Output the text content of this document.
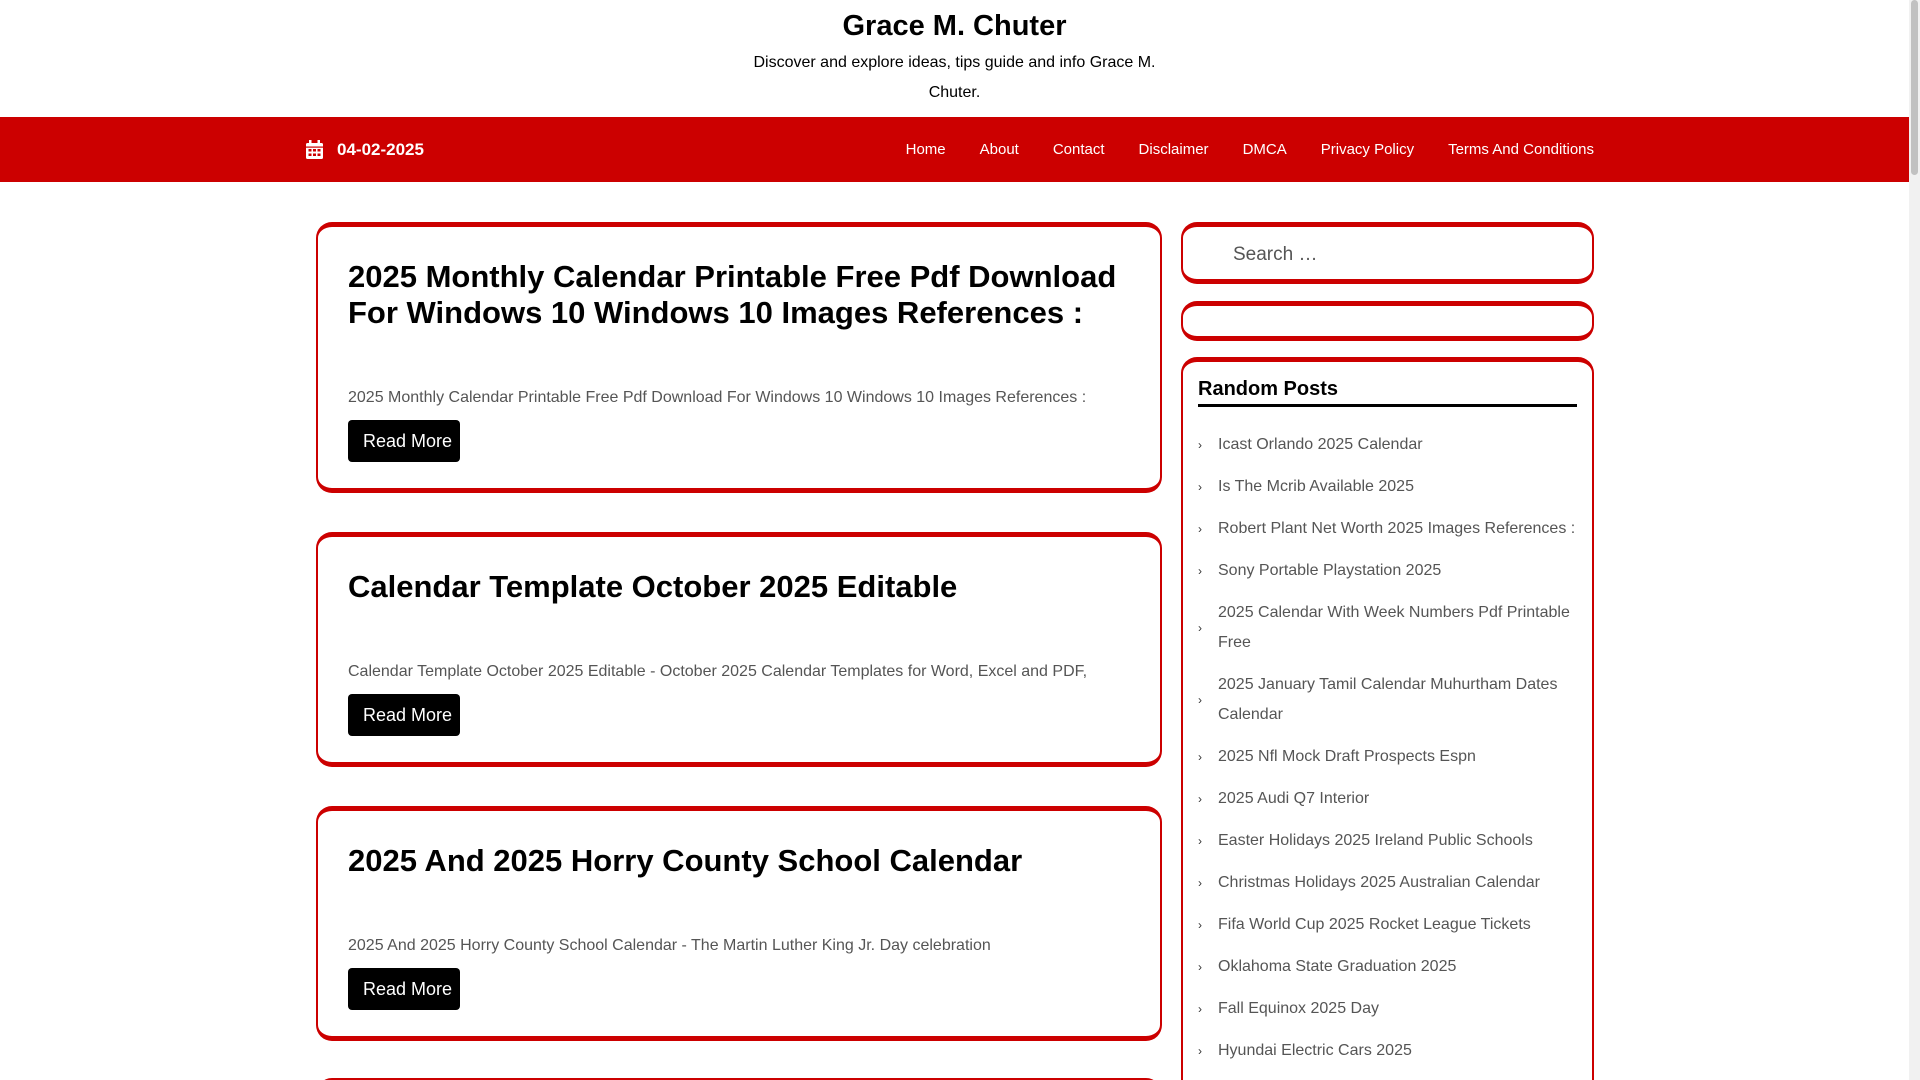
Grace M. Chuter
Discover and explore ideas, tips guide and info Grace M. Chuter.
04-02-2025	Home About Contact Disclaimer DMCA Privacy Policy Terms And Conditions
2025 Monthly Calendar Printable Free Pdf Download For Windows 10 Windows 10 Images References :

2025 Monthly Calendar Printable Free Pdf Download For Windows 10 Windows 10 Images References :

Read More
Calendar Template October 2025 Editable

Calendar Template October 2025 Editable - October 2025 Calendar Templates for Word, Excel and PDF,

Read More
2025 And 2025 Horry County School Calendar

2025 And 2025 Horry County School Calendar - The Martin Luther King Jr. Day celebration

Read More
Search …
Random Posts
›	Icast Orlando 2025 Calendar
›	Is The Mcrib Available 2025
›	Robert Plant Net Worth 2025 Images References :
›	Sony Portable Playstation 2025
›
2025 Calendar With Week Numbers Pdf Printable Free
›
2025 January Tamil Calendar Muhurtham Dates Calendar
›	2025 Nfl Mock Draft Prospects Espn
›	2025 Audi Q7 Interior
›	Easter Holidays 2025 Ireland Public Schools
›	Christmas Holidays 2025 Australian Calendar
›	Fifa World Cup 2025 Rocket League Tickets
›	Oklahoma State Graduation 2025
›	Fall Equinox 2025 Day
›	Hyundai Electric Cars 2025
